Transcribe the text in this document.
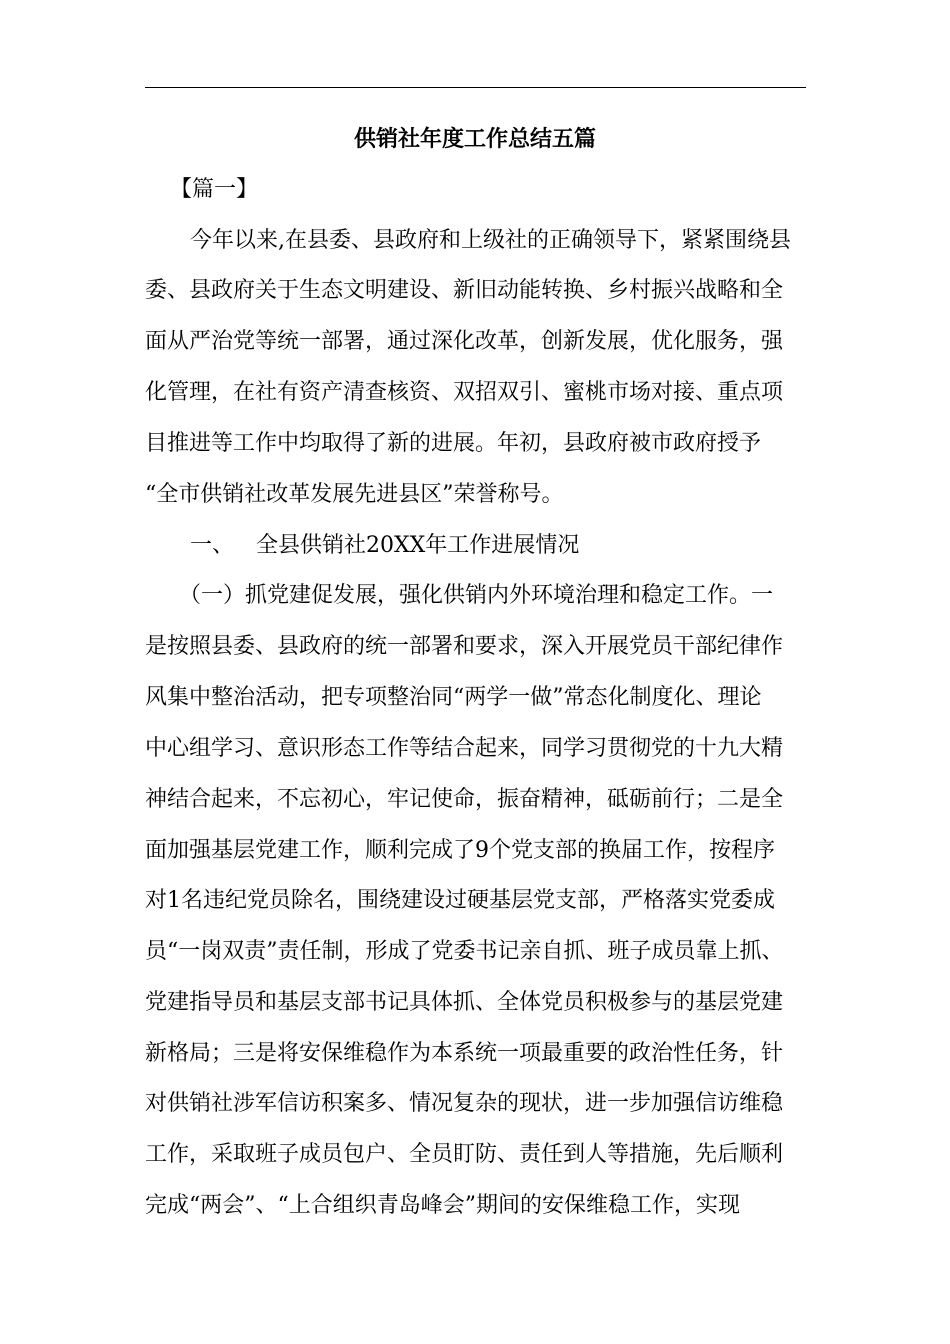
供销社年度工作总结五篇
【篇一】
今年以来,在县委、县政府和上级社的正确领导下，紧紧围绕县
委、县政府关于生态文明建设、新旧动能转换、乡村振兴战略和全
面从严治党等统一部署，通过深化改革，创新发展，优化服务，强
化管理，在社有资产清查核资、双招双引、蜜桃市场对接、重点项
目推进等工作中均取得了新的进展。年初，县政府被市政府授予
“全市供销社改革发展先进县区”荣誉称号。
一、　 全县供销社20XX年工作进展情况
（一）抓党建促发展，强化供销内外环境治理和稳定工作。一
是按照县委、县政府的统一部署和要求，深入开展党员干部纪律作
风集中整治活动，把专项整治同“两学一做”常态化制度化、理论
中心组学习、意识形态工作等结合起来，同学习贯彻党的十九大精
神结合起来，不忘初心，牢记使命，振奋精神，砥砺前行；二是全
面加强基层党建工作，顺利完成了9个党支部的换届工作，按程序
对1名违纪党员除名，围绕建设过硬基层党支部，严格落实党委成
员“一岗双责”责任制，形成了党委书记亲自抓、班子成员靠上抓、
党建指导员和基层支部书记具体抓、全体党员积极参与的基层党建
新格局；三是将安保维稳作为本系统一项最重要的政治性任务，针
对供销社涉军信访积案多、情况复杂的现状，进一步加强信访维稳
工作，采取班子成员包户、全员盯防、责任到人等措施，先后顺利
完成“两会”、“上合组织青岛峰会”期间的安保维稳工作，实现
